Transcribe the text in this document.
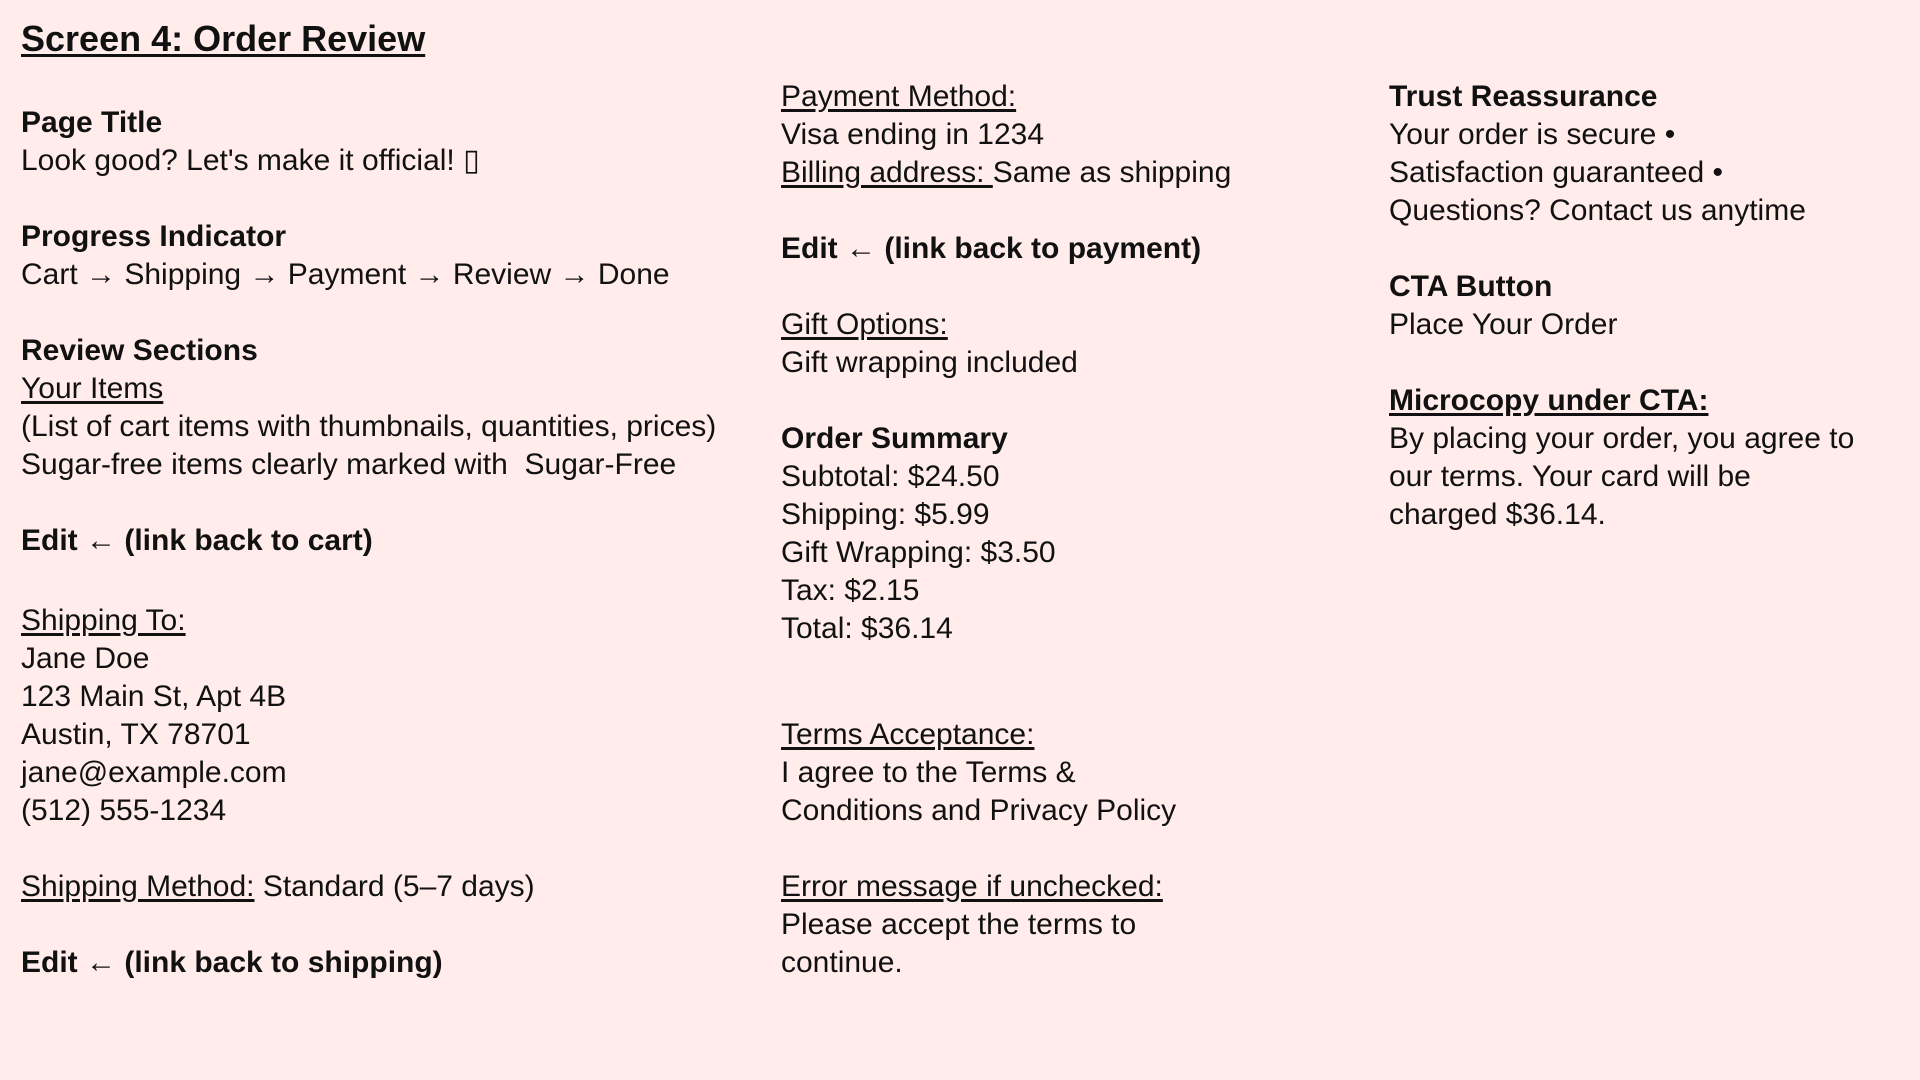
Screen 4: Order Review
Page Title
Look good? Let's make it official! ▯
Progress Indicator
Cart → Shipping → Payment → Review → Done
Review Sections
Your Items
(List of cart items with thumbnails, quantities, prices)
Sugar-free items clearly marked with  Sugar-Free
Edit ← (link back to cart)
Shipping To:
Jane Doe
123 Main St, Apt 4B
Austin, TX 78701
jane@example.com
(512) 555-1234
Shipping Method: Standard (5–7 days)
Edit ← (link back to shipping)
Payment Method:
Visa ending in 1234
Billing address: Same as shipping
Edit ← (link back to payment)
Gift Options:
Gift wrapping included
Order Summary
Subtotal: $24.50
Shipping: $5.99
Gift Wrapping: $3.50
Tax: $2.15
Total: $36.14
Terms Acceptance:
I agree to the Terms & Conditions and Privacy Policy
Error message if unchecked:
Please accept the terms to continue.
Trust Reassurance
Your order is secure • Satisfaction guaranteed • Questions? Contact us anytime
CTA Button
Place Your Order
Microcopy under CTA:
By placing your order, you agree to our terms. Your card will be charged $36.14.
